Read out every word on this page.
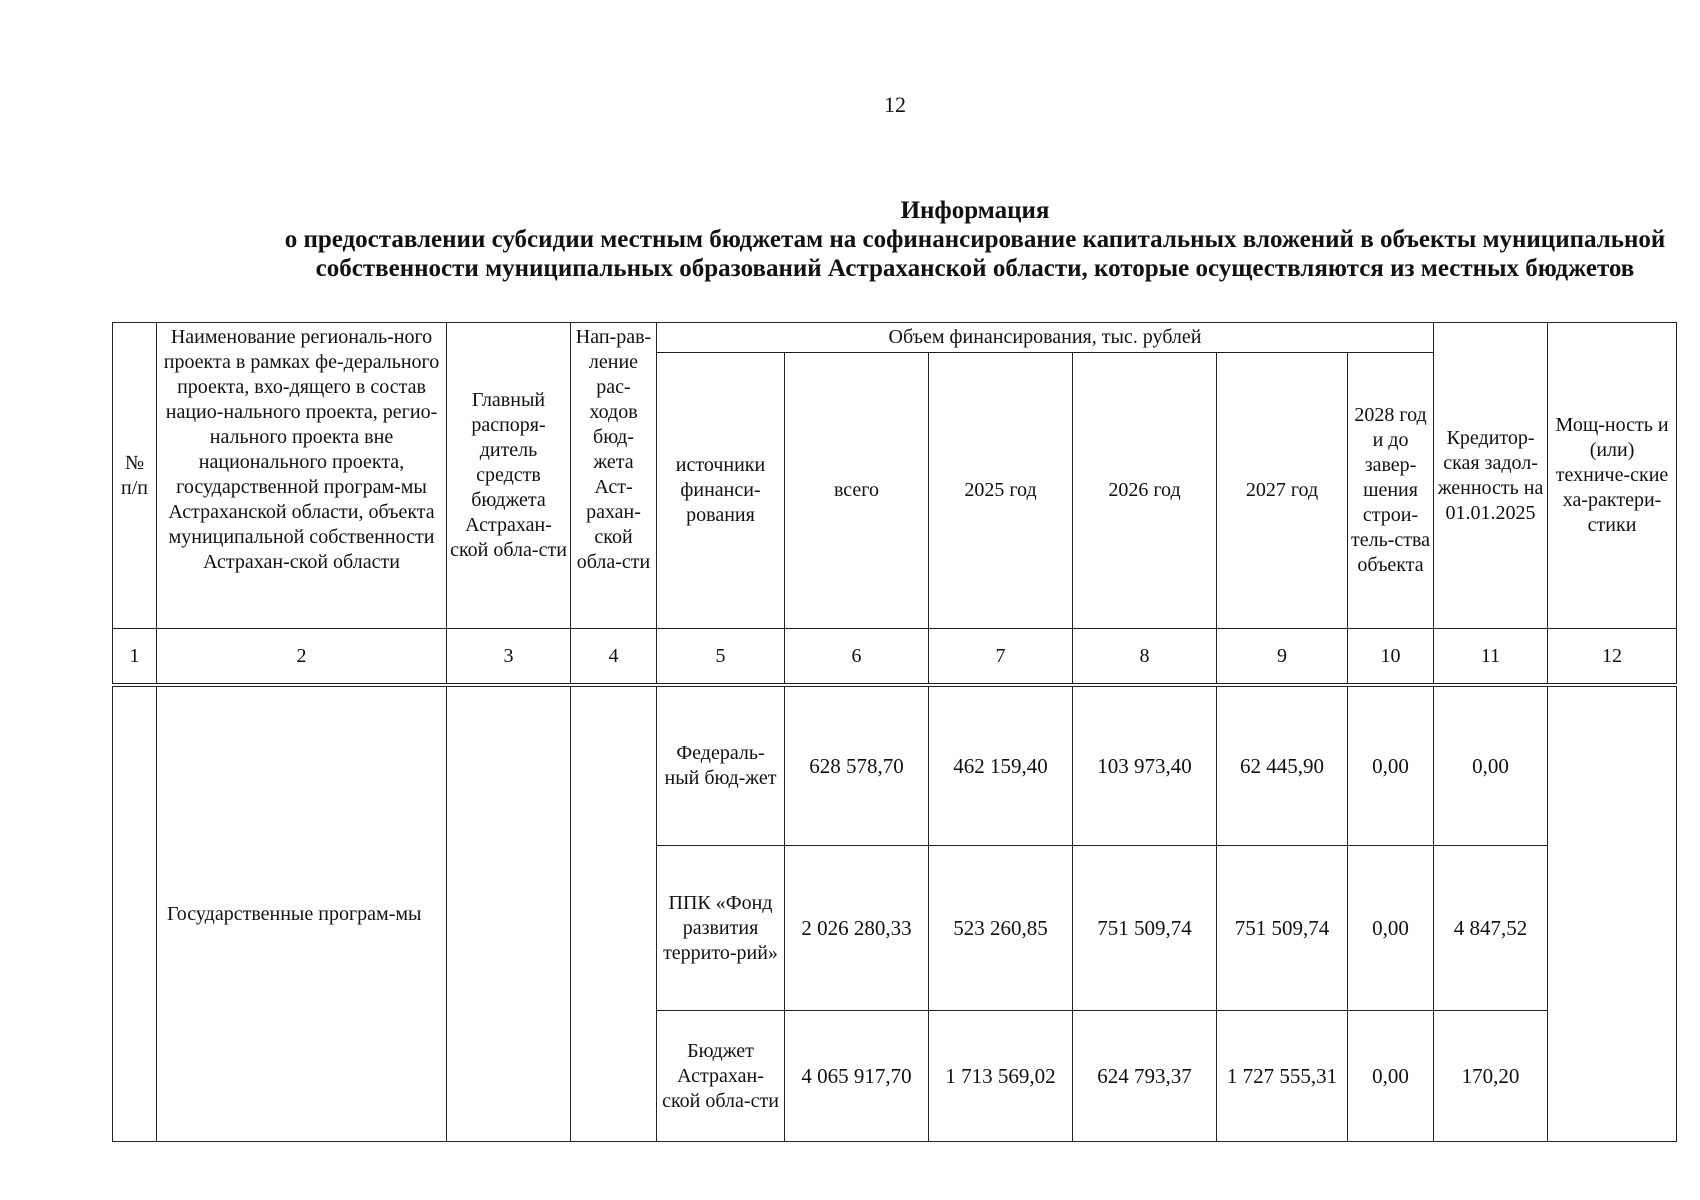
12
Информация
о предоставлении субсидии местным бюджетам на софинансирование капитальных вложений в объекты муниципальной
собственности муниципальных образований Астраханской области, которые осуществляются из местных бюджетов
№ п/п	Наименование региональ-ного проекта в рамках фе-дерального проекта, вхо-дящего в состав нацио-нального проекта, регио-нального проекта вне национального проекта, государственной програм-мы Астраханской области, объекта муниципальной собственности Астрахан-ской области	Главный распоря-дитель средств бюджета Астрахан-ской обла-сти	Нап-рав-ление рас-ходов бюд-жета Аст-рахан-ской обла-сти	Объем финансирования, тыс. рублей						Кредитор-ская задол-женность на 01.01.2025	Мощ-ность и (или) техниче-ские ха-рактери-стики
				источники финанси-рования	всего	2025 год	2026 год	2027 год	2028 год и до завер-шения строи-тель-ства объекта		
1	2	3	4	5	6	7	8	9	10	11	12
	Государственные програм-мы			Федераль-ный бюд-жет	628 578,70	462 159,40	103 973,40	62 445,90	0,00	0,00	
				ППК «Фонд развития террито-рий»	2 026 280,33	523 260,85	751 509,74	751 509,74	0,00	4 847,52	
				Бюджет Астрахан-ской обла-сти	4 065 917,70	1 713 569,02	624 793,37	1 727 555,31	0,00	170,20	
